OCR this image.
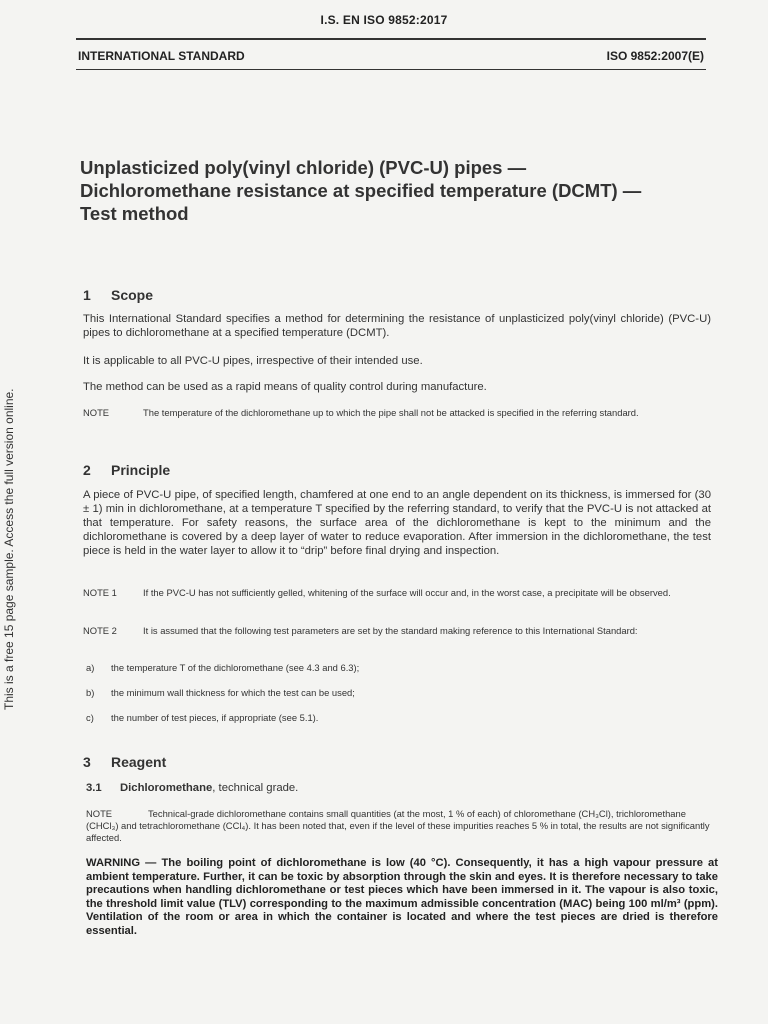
I.S. EN ISO 9852:2017
INTERNATIONAL STANDARD	ISO 9852:2007(E)
Unplasticized poly(vinyl chloride) (PVC-U) pipes —
Dichloromethane resistance at specified temperature (DCMT) —
Test method
This is a free 15 page sample. Access the full version online.
1 Scope
This International Standard specifies a method for determining the resistance of unplasticized poly(vinyl chloride) (PVC-U) pipes to dichloromethane at a specified temperature (DCMT).
It is applicable to all PVC-U pipes, irrespective of their intended use.
The method can be used as a rapid means of quality control during manufacture.
NOTE	The temperature of the dichloromethane up to which the pipe shall not be attacked is specified in the referring standard.
2 Principle
A piece of PVC-U pipe, of specified length, chamfered at one end to an angle dependent on its thickness, is immersed for (30 ± 1) min in dichloromethane, at a temperature T specified by the referring standard, to verify that the PVC-U is not attacked at that temperature. For safety reasons, the surface area of the dichloromethane is kept to the minimum and the dichloromethane is covered by a deep layer of water to reduce evaporation. After immersion in the dichloromethane, the test piece is held in the water layer to allow it to “drip” before final drying and inspection.
NOTE 1	If the PVC-U has not sufficiently gelled, whitening of the surface will occur and, in the worst case, a precipitate will be observed.
NOTE 2	It is assumed that the following test parameters are set by the standard making reference to this International Standard:
a) the temperature T of the dichloromethane (see 4.3 and 6.3);
b) the minimum wall thickness for which the test can be used;
c) the number of test pieces, if appropriate (see 5.1).
3 Reagent
3.1 Dichloromethane, technical grade.
NOTE	Technical-grade dichloromethane contains small quantities (at the most, 1 % of each) of chloromethane (CH₃Cl), trichloromethane (CHCl₃) and tetrachloromethane (CCl₄). It has been noted that, even if the level of these impurities reaches 5 % in total, the results are not significantly affected.
WARNING — The boiling point of dichloromethane is low (40 °C). Consequently, it has a high vapour pressure at ambient temperature. Further, it can be toxic by absorption through the skin and eyes. It is therefore necessary to take precautions when handling dichloromethane or test pieces which have been immersed in it. The vapour is also toxic, the threshold limit value (TLV) corresponding to the maximum admissible concentration (MAC) being 100 ml/m³ (ppm). Ventilation of the room or area in which the container is located and where the test pieces are dried is therefore essential.
